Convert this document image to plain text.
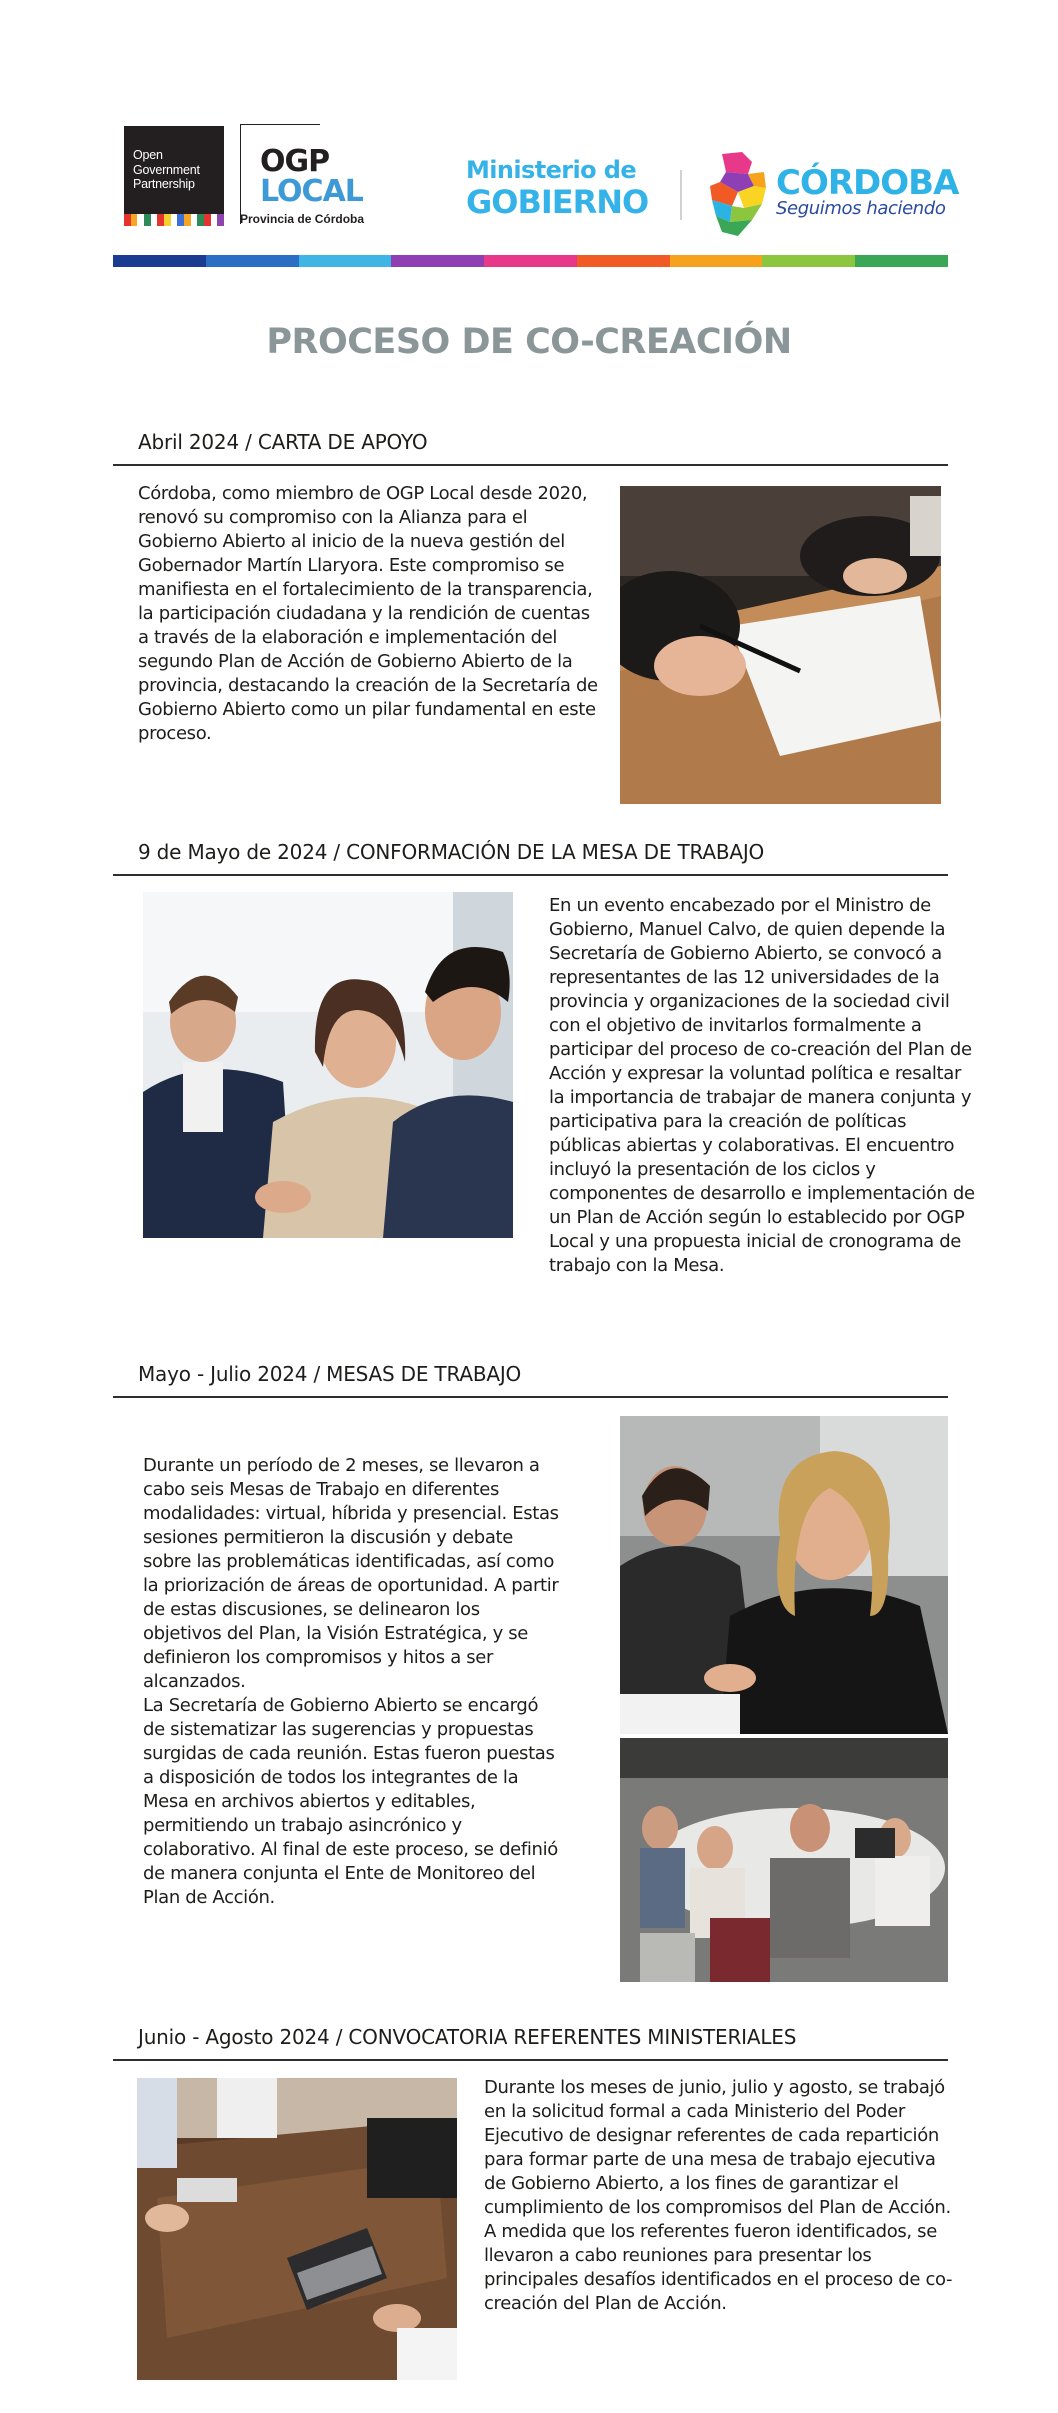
Open
Government
Partnership
OGP
LOCAL
Provincia de Córdoba
Ministerio de
GOBIERNO	CÓRDOBA
Seguimos haciendo
PROCESO DE CO-CREACIÓN
Abril 2024 / CARTA DE APOYO

Córdoba, como miembro de OGP Local desde 2020, renovó su compromiso con la Alianza para el Gobierno Abierto al inicio de la nueva gestión del Gobernador Martín Llaryora. Este compromiso se manifiesta en el fortalecimiento de la transparencia, la participación ciudadana y la rendición de cuentas a través de la elaboración e implementación del segundo Plan de Acción de Gobierno Abierto de la provincia, destacando la creación de la Secretaría de Gobierno Abierto como un pilar fundamental en este proceso.

9 de Mayo de 2024 / CONFORMACIÓN DE LA MESA DE TRABAJO

En un evento encabezado por el Ministro de Gobierno, Manuel Calvo, de quien depende la Secretaría de Gobierno Abierto, se convocó a representantes de las 12 universidades de la provincia y organizaciones de la sociedad civil con el objetivo de invitarlos formalmente a participar del proceso de co-creación del Plan de Acción y expresar la voluntad política e resaltar la importancia de trabajar de manera conjunta y participativa para la creación de políticas públicas abiertas y colaborativas. El encuentro incluyó la presentación de los ciclos y componentes de desarrollo e implementación de un Plan de Acción según lo establecido por OGP Local y una propuesta inicial de cronograma de trabajo con la Mesa.

Mayo - Julio 2024 / MESAS DE TRABAJO

Durante un período de 2 meses, se llevaron a cabo seis Mesas de Trabajo en diferentes modalidades: virtual, híbrida y presencial. Estas sesiones permitieron la discusión y debate sobre las problemáticas identificadas, así como la priorización de áreas de oportunidad. A partir de estas discusiones, se delinearon los objetivos del Plan, la Visión Estratégica, y se definieron los compromisos y hitos a ser alcanzados.

La Secretaría de Gobierno Abierto se encargó de sistematizar las sugerencias y propuestas surgidas de cada reunión. Estas fueron puestas a disposición de todos los integrantes de la Mesa en archivos abiertos y editables, permitiendo un trabajo asincrónico y colaborativo. Al final de este proceso, se definió de manera conjunta el Ente de Monitoreo del Plan de Acción.

Junio - Agosto 2024 / CONVOCATORIA REFERENTES MINISTERIALES

Durante los meses de junio, julio y agosto, se trabajó en la solicitud formal a cada Ministerio del Poder Ejecutivo de designar referentes de cada repartición para formar parte de una mesa de trabajo ejecutiva de Gobierno Abierto, a los fines de garantizar el cumplimiento de los compromisos del Plan de Acción.

A medida que los referentes fueron identificados, se llevaron a cabo reuniones para presentar los principales desafíos identificados en el proceso de co-creación del Plan de Acción.
